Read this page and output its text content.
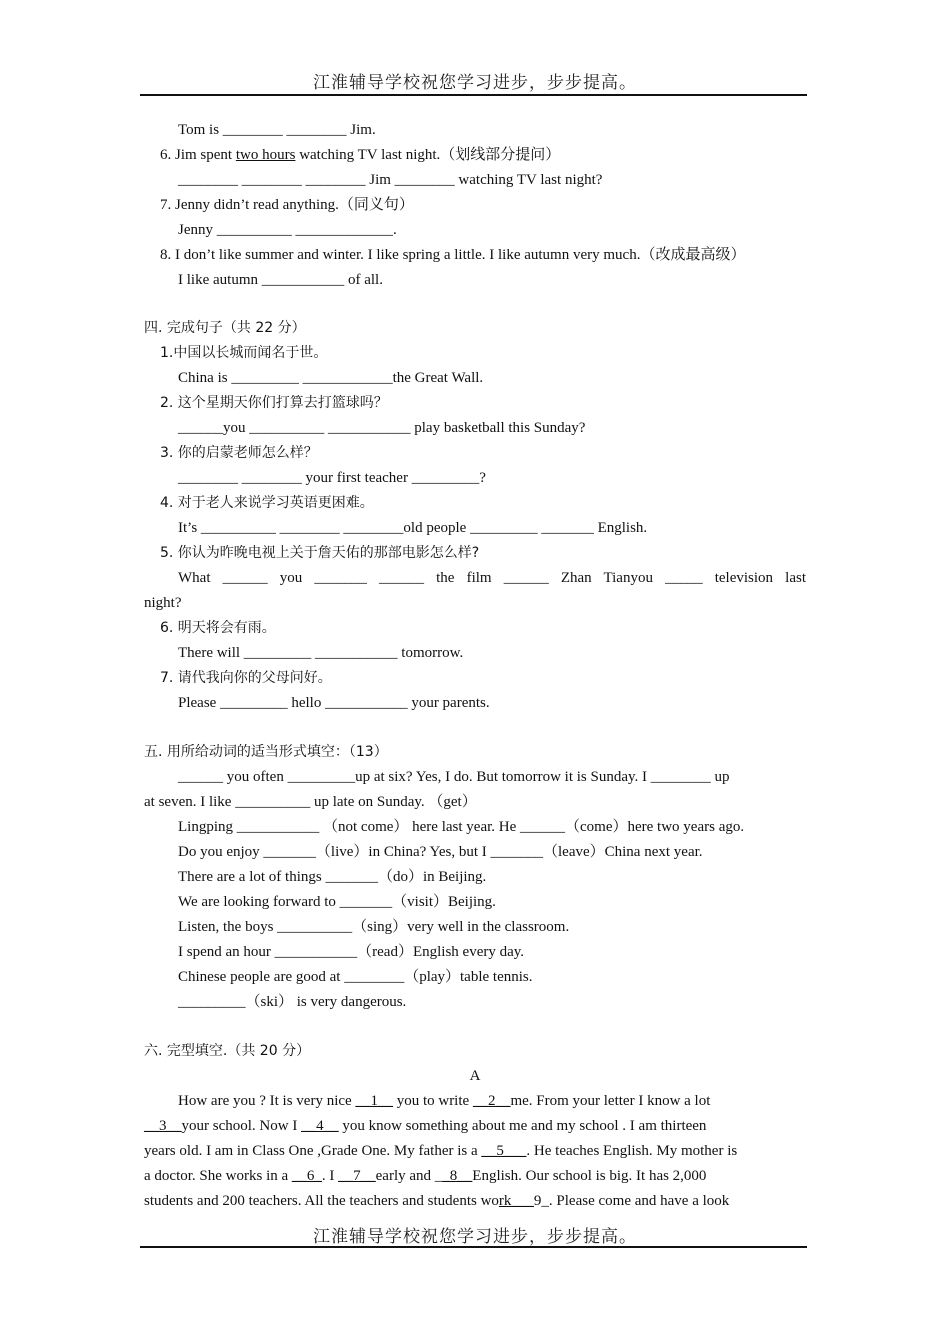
江淮辅导学校祝您学习进步，步步提高。
Tom is ________ ________ Jim.
6. Jim spent two hours watching TV last night.（划线部分提问）
________ ________ ________ Jim ________ watching TV last night?
7. Jenny didn’t read anything.（同义句）
Jenny __________ _____________.
8. I don’t like summer and winter. I like spring a little. I like autumn very much.（改成最高级）
I like autumn ___________ of all.
四. 完成句子（共 22 分）
1.中国以长城而闻名于世。
China is _________ ____________the Great Wall.
2. 这个星期天你们打算去打篮球吗？
______you __________ ___________ play basketball this Sunday?
3. 你的启蒙老师怎么样？
________ ________ your first teacher _________?
4. 对于老人来说学习英语更困难。
It’s __________ ________ ________old people _________ _______ English.
5. 你认为昨晚电视上关于詹天佑的那部电影怎么样?
What ______ you _______ ______ the film ______ Zhan Tianyou _____ television last
night?
6. 明天将会有雨。
There will _________ ___________ tomorrow.
7. 请代我向你的父母问好。
Please _________ hello ___________ your parents.
五. 用所给动词的适当形式填空：（13）
______ you often _________up at six? Yes, I do. But tomorrow it is Sunday. I ________ up
at seven. I like __________ up late on Sunday. （get）
Lingping ___________ （not come） here last year. He ______（come）here two years ago.
Do you enjoy _______（live）in China? Yes, but I _______（leave）China next year.
There are a lot of things _______（do）in Beijing.
We are looking forward to _______（visit）Beijing.
Listen, the boys __________（sing）very well in the classroom.
I spend an hour ___________（read）English every day.
Chinese people are good at ________（play）table tennis.
_________（ski） is very dangerous.
六. 完型填空.（共 20 分）
A
How are you ? It is very nice __1__ you to write __2__me. From your letter I know a lot
__3__your school. Now I __4__ you know something about me and my school . I am thirteen
years old. I am in Class One ,Grade One. My father is a __5___. He teaches English. My mother is
a doctor. She works in a __6_. I __7__early and __8__English. Our school is big. It has 2,000
students and 200 teachers. All the teachers and students work___9_. Please come and have a look
江淮辅导学校祝您学习进步，步步提高。
